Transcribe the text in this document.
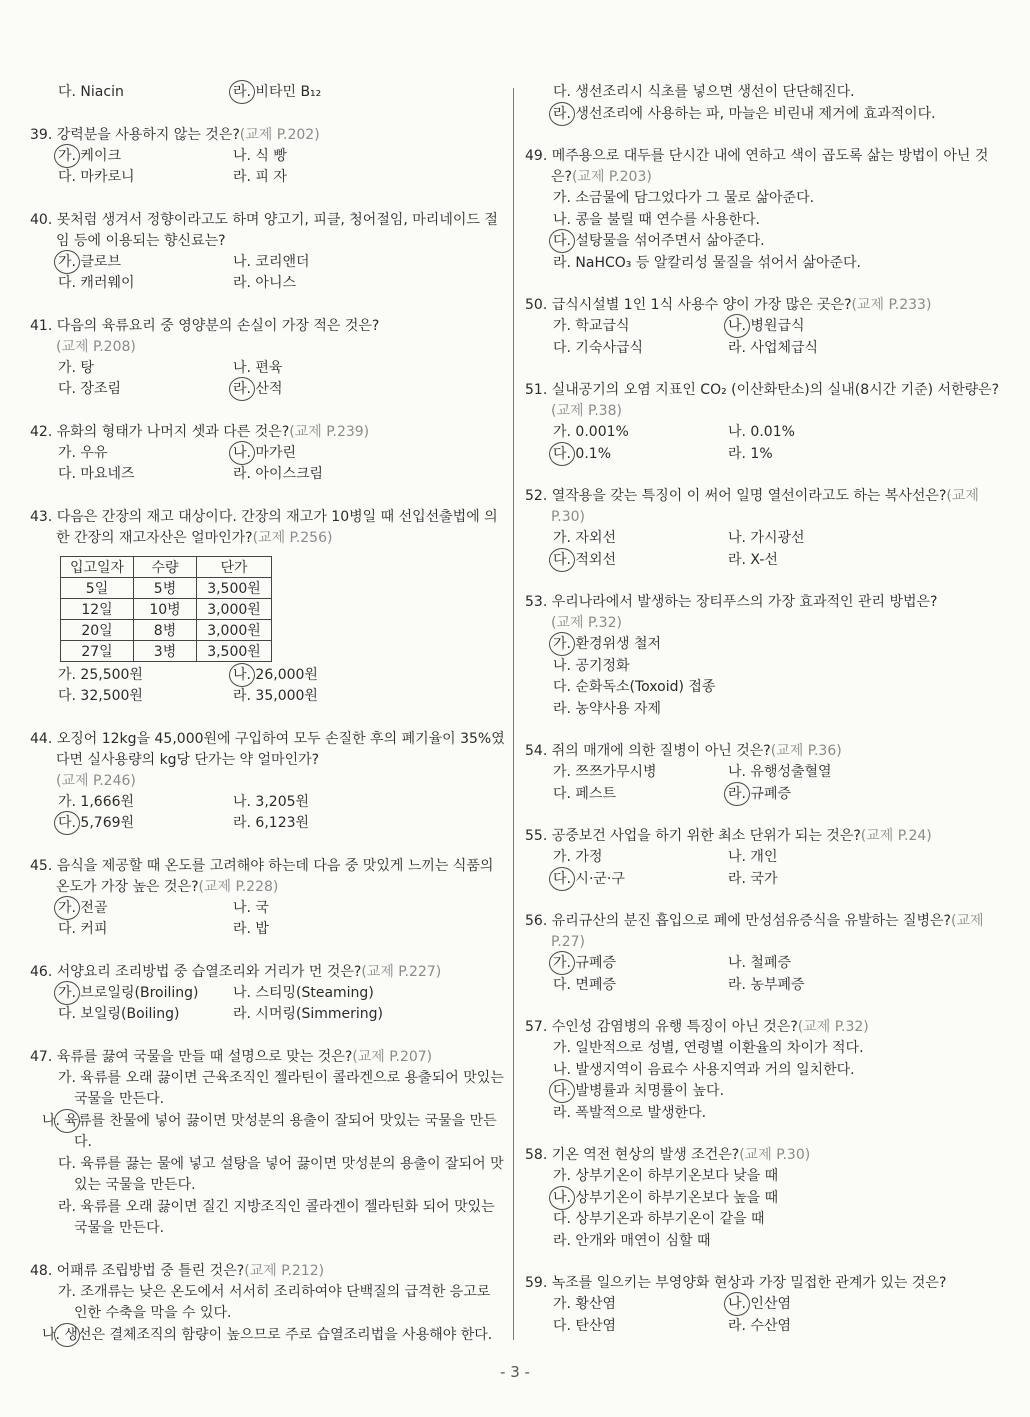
다. Niacin	라. 비타민 B₁₂
39. 강력분을 사용하지 않는 것은?(교제 P.202)
가. 케이크	나. 식 빵
다. 마카로니	라. 피 자
40. 못처럼 생겨서 정향이라고도 하며 양고기, 피클, 청어절임, 마리네이드 절임 등에 이용되는 향신료는?
가. 클로브	나. 코리앤더
다. 캐러웨이	라. 아니스
41. 다음의 육류요리 중 영양분의 손실이 가장 적은 것은?
(교제 P.208)
가. 탕	나. 편육
다. 장조림	라. 산적
42. 유화의 형태가 나머지 셋과 다른 것은?(교제 P.239)
가. 우유	나. 마가린
다. 마요네즈	라. 아이스크림
43. 다음은 간장의 재고 대상이다. 간장의 재고가 10병일 때 선입선출법에 의한 간장의 재고자산은 얼마인가?(교제 P.256)
입고일자	수량	단가
5일	5병	3,500원
12일	10병	3,000원
20일	8병	3,000원
27일	3병	3,500원
가. 25,500원	나. 26,000원
다. 32,500원	라. 35,000원
44. 오징어 12kg을 45,000원에 구입하여 모두 손질한 후의 폐기율이 35%였다면 실사용량의 kg당 단가는 약 얼마인가?
(교제 P.246)
가. 1,666원	나. 3,205원
다. 5,769원	라. 6,123원
45. 음식을 제공할 때 온도를 고려해야 하는데 다음 중 맛있게 느끼는 식품의 온도가 가장 높은 것은?(교제 P.228)
가. 전골	나. 국
다. 커피	라. 밥
46. 서양요리 조리방법 중 습열조리와 거리가 먼 것은?(교제 P.227)
가. 브로일링(Broiling)	나. 스티밍(Steaming)
다. 보일링(Boiling)	라. 시머링(Simmering)
47. 육류를 끓여 국물을 만들 때 설명으로 맞는 것은?(교제 P.207)
가. 육류를 오래 끓이면 근육조직인 젤라틴이 콜라겐으로 용출되어 맛있는 국물을 만든다.
나. 육류를 찬물에 넣어 끓이면 맛성분의 용출이 잘되어 맛있는 국물을 만든다.
다. 육류를 끓는 물에 넣고 설탕을 넣어 끓이면 맛성분의 용출이 잘되어 맛있는 국물을 만든다.
라. 육류를 오래 끓이면 질긴 지방조직인 콜라겐이 젤라틴화 되어 맛있는 국물을 만든다.
48. 어패류 조립방법 중 틀린 것은?(교제 P.212)
가. 조개류는 낮은 온도에서 서서히 조리하여야 단백질의 급격한 응고로 인한 수축을 막을 수 있다.
나. 생선은 결체조직의 함량이 높으므로 주로 습열조리법을 사용해야 한다.
다. 생선조리시 식초를 넣으면 생선이 단단해진다.
라. 생선조리에 사용하는 파, 마늘은 비린내 제거에 효과적이다.
49. 메주용으로 대두를 단시간 내에 연하고 색이 곱도록 삶는 방법이 아닌 것은?(교제 P.203)
가. 소금물에 담그었다가 그 물로 삶아준다.
나. 콩을 불릴 때 연수를 사용한다.
다. 설탕물을 섞어주면서 삶아준다.
라. NaHCO₃ 등 알칼리성 물질을 섞어서 삶아준다.
50. 급식시설별 1인 1식 사용수 양이 가장 많은 곳은?(교제 P.233)
가. 학교급식	나. 병원급식
다. 기숙사급식	라. 사업체급식
51. 실내공기의 오염 지표인 CO₂ (이산화탄소)의 실내(8시간 기준) 서한량은?(교제 P.38)
가. 0.001%	나. 0.01%
다. 0.1%	라. 1%
52. 열작용을 갖는 특징이 이 써어 일명 열선이라고도 하는 복사선은?(교제 P.30)
가. 자외선	나. 가시광선
다. 적외선	라. X-선
53. 우리나라에서 발생하는 장티푸스의 가장 효과적인 관리 방법은?
(교제 P.32)
가. 환경위생 철저
나. 공기정화
다. 순화독소(Toxoid) 접종
라. 농약사용 자제
54. 쥐의 매개에 의한 질병이 아닌 것은?(교제 P.36)
가. 쯔쯔가무시병	나. 유행성출혈열
다. 페스트	라. 규폐증
55. 공중보건 사업을 하기 위한 최소 단위가 되는 것은?(교제 P.24)
가. 가정	나. 개인
다. 시·군·구	라. 국가
56. 유리규산의 분진 흡입으로 폐에 만성섬유증식을 유발하는 질병은?(교제 P.27)
가. 규폐증	나. 철폐증
다. 면폐증	라. 농부폐증
57. 수인성 감염병의 유행 특징이 아닌 것은?(교제 P.32)
가. 일반적으로 성별, 연령별 이환율의 차이가 적다.
나. 발생지역이 음료수 사용지역과 거의 일치한다.
다. 발병률과 치명률이 높다.
라. 폭발적으로 발생한다.
58. 기온 역전 현상의 발생 조건은?(교제 P.30)
가. 상부기온이 하부기온보다 낮을 때
나. 상부기온이 하부기온보다 높을 때
다. 상부기온과 하부기온이 같을 때
라. 안개와 매연이 심할 때
59. 녹조를 일으키는 부영양화 현상과 가장 밀접한 관계가 있는 것은?
가. 황산염	나. 인산염
다. 탄산염	라. 수산염
- 3 -
